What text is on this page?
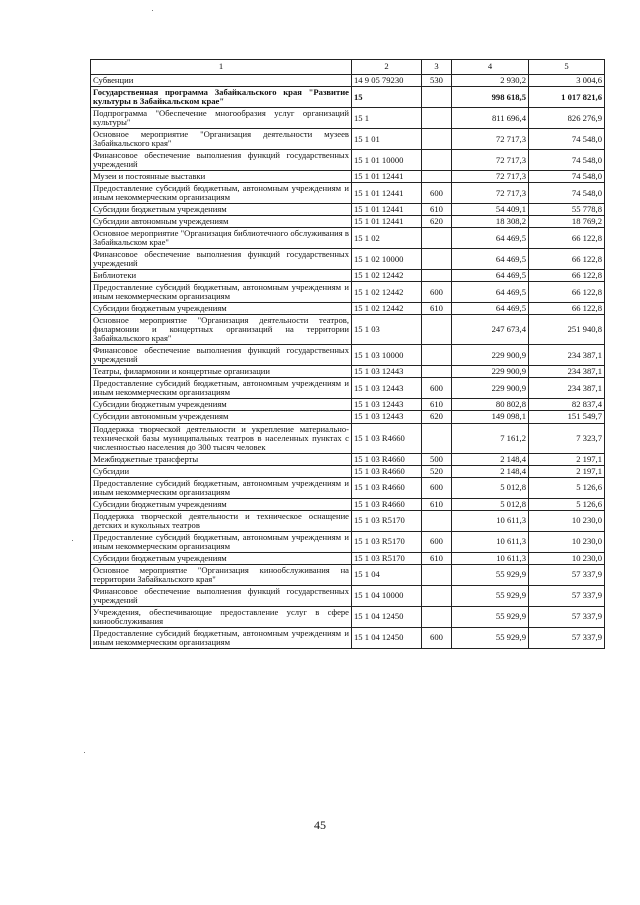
1	2	3	4	5
Субвенции	14 9 05 79230	530	2 930,2	3 004,6
Государственная программа Забайкальского края "Развитие культуры в Забайкальском крае"	15		998 618,5	1 017 821,6
Подпрограмма "Обеспечение многообразия услуг организаций культуры"	15 1		811 696,4	826 276,9
Основное мероприятие "Организация деятельности музеев Забайкальского края"	15 1 01		72 717,3	74 548,0
Финансовое обеспечение выполнения функций государственных учреждений	15 1 01 10000		72 717,3	74 548,0
Музеи и постоянные выставки	15 1 01 12441		72 717,3	74 548,0
Предоставление субсидий бюджетным, автономным учреждениям и иным некоммерческим организациям	15 1 01 12441	600	72 717,3	74 548,0
Субсидии бюджетным учреждениям	15 1 01 12441	610	54 409,1	55 778,8
Субсидии автономным учреждениям	15 1 01 12441	620	18 308,2	18 769,2
Основное мероприятие "Организация библиотечного обслуживания в Забайкальском крае"	15 1 02		64 469,5	66 122,8
Финансовое обеспечение выполнения функций государственных учреждений	15 1 02 10000		64 469,5	66 122,8
Библиотеки	15 1 02 12442		64 469,5	66 122,8
Предоставление субсидий бюджетным, автономным учреждениям и иным некоммерческим организациям	15 1 02 12442	600	64 469,5	66 122,8
Субсидии бюджетным учреждениям	15 1 02 12442	610	64 469,5	66 122,8
Основное мероприятие "Организация деятельности театров, филармонии и концертных организаций на территории Забайкальского края"	15 1 03		247 673,4	251 940,8
Финансовое обеспечение выполнения функций государственных учреждений	15 1 03 10000		229 900,9	234 387,1
Театры, филармонии и концертные организации	15 1 03 12443		229 900,9	234 387,1
Предоставление субсидий бюджетным, автономным учреждениям и иным некоммерческим организациям	15 1 03 12443	600	229 900,9	234 387,1
Субсидии бюджетным учреждениям	15 1 03 12443	610	80 802,8	82 837,4
Субсидии автономным учреждениям	15 1 03 12443	620	149 098,1	151 549,7
Поддержка творческой деятельности и укрепление материально-технической базы муниципальных театров в населенных пунктах с численностью населения до 300 тысяч человек	15 1 03 R4660		7 161,2	7 323,7
Межбюджетные трансферты	15 1 03 R4660	500	2 148,4	2 197,1
Субсидии	15 1 03 R4660	520	2 148,4	2 197,1
Предоставление субсидий бюджетным, автономным учреждениям и иным некоммерческим организациям	15 1 03 R4660	600	5 012,8	5 126,6
Субсидии бюджетным учреждениям	15 1 03 R4660	610	5 012,8	5 126,6
Поддержка творческой деятельности и техническое оснащение детских и кукольных театров	15 1 03 R5170		10 611,3	10 230,0
Предоставление субсидий бюджетным, автономным учреждениям и иным некоммерческим организациям	15 1 03 R5170	600	10 611,3	10 230,0
Субсидии бюджетным учреждениям	15 1 03 R5170	610	10 611,3	10 230,0
Основное мероприятие "Организация кинообслуживания на территории Забайкальского края"	15 1 04		55 929,9	57 337,9
Финансовое обеспечение выполнения функций государственных учреждений	15 1 04 10000		55 929,9	57 337,9
Учреждения, обеспечивающие предоставление услуг в сфере кинообслуживания	15 1 04 12450		55 929,9	57 337,9
Предоставление субсидий бюджетным, автономным учреждениям и иным некоммерческим организациям	15 1 04 12450	600	55 929,9	57 337,9
45
